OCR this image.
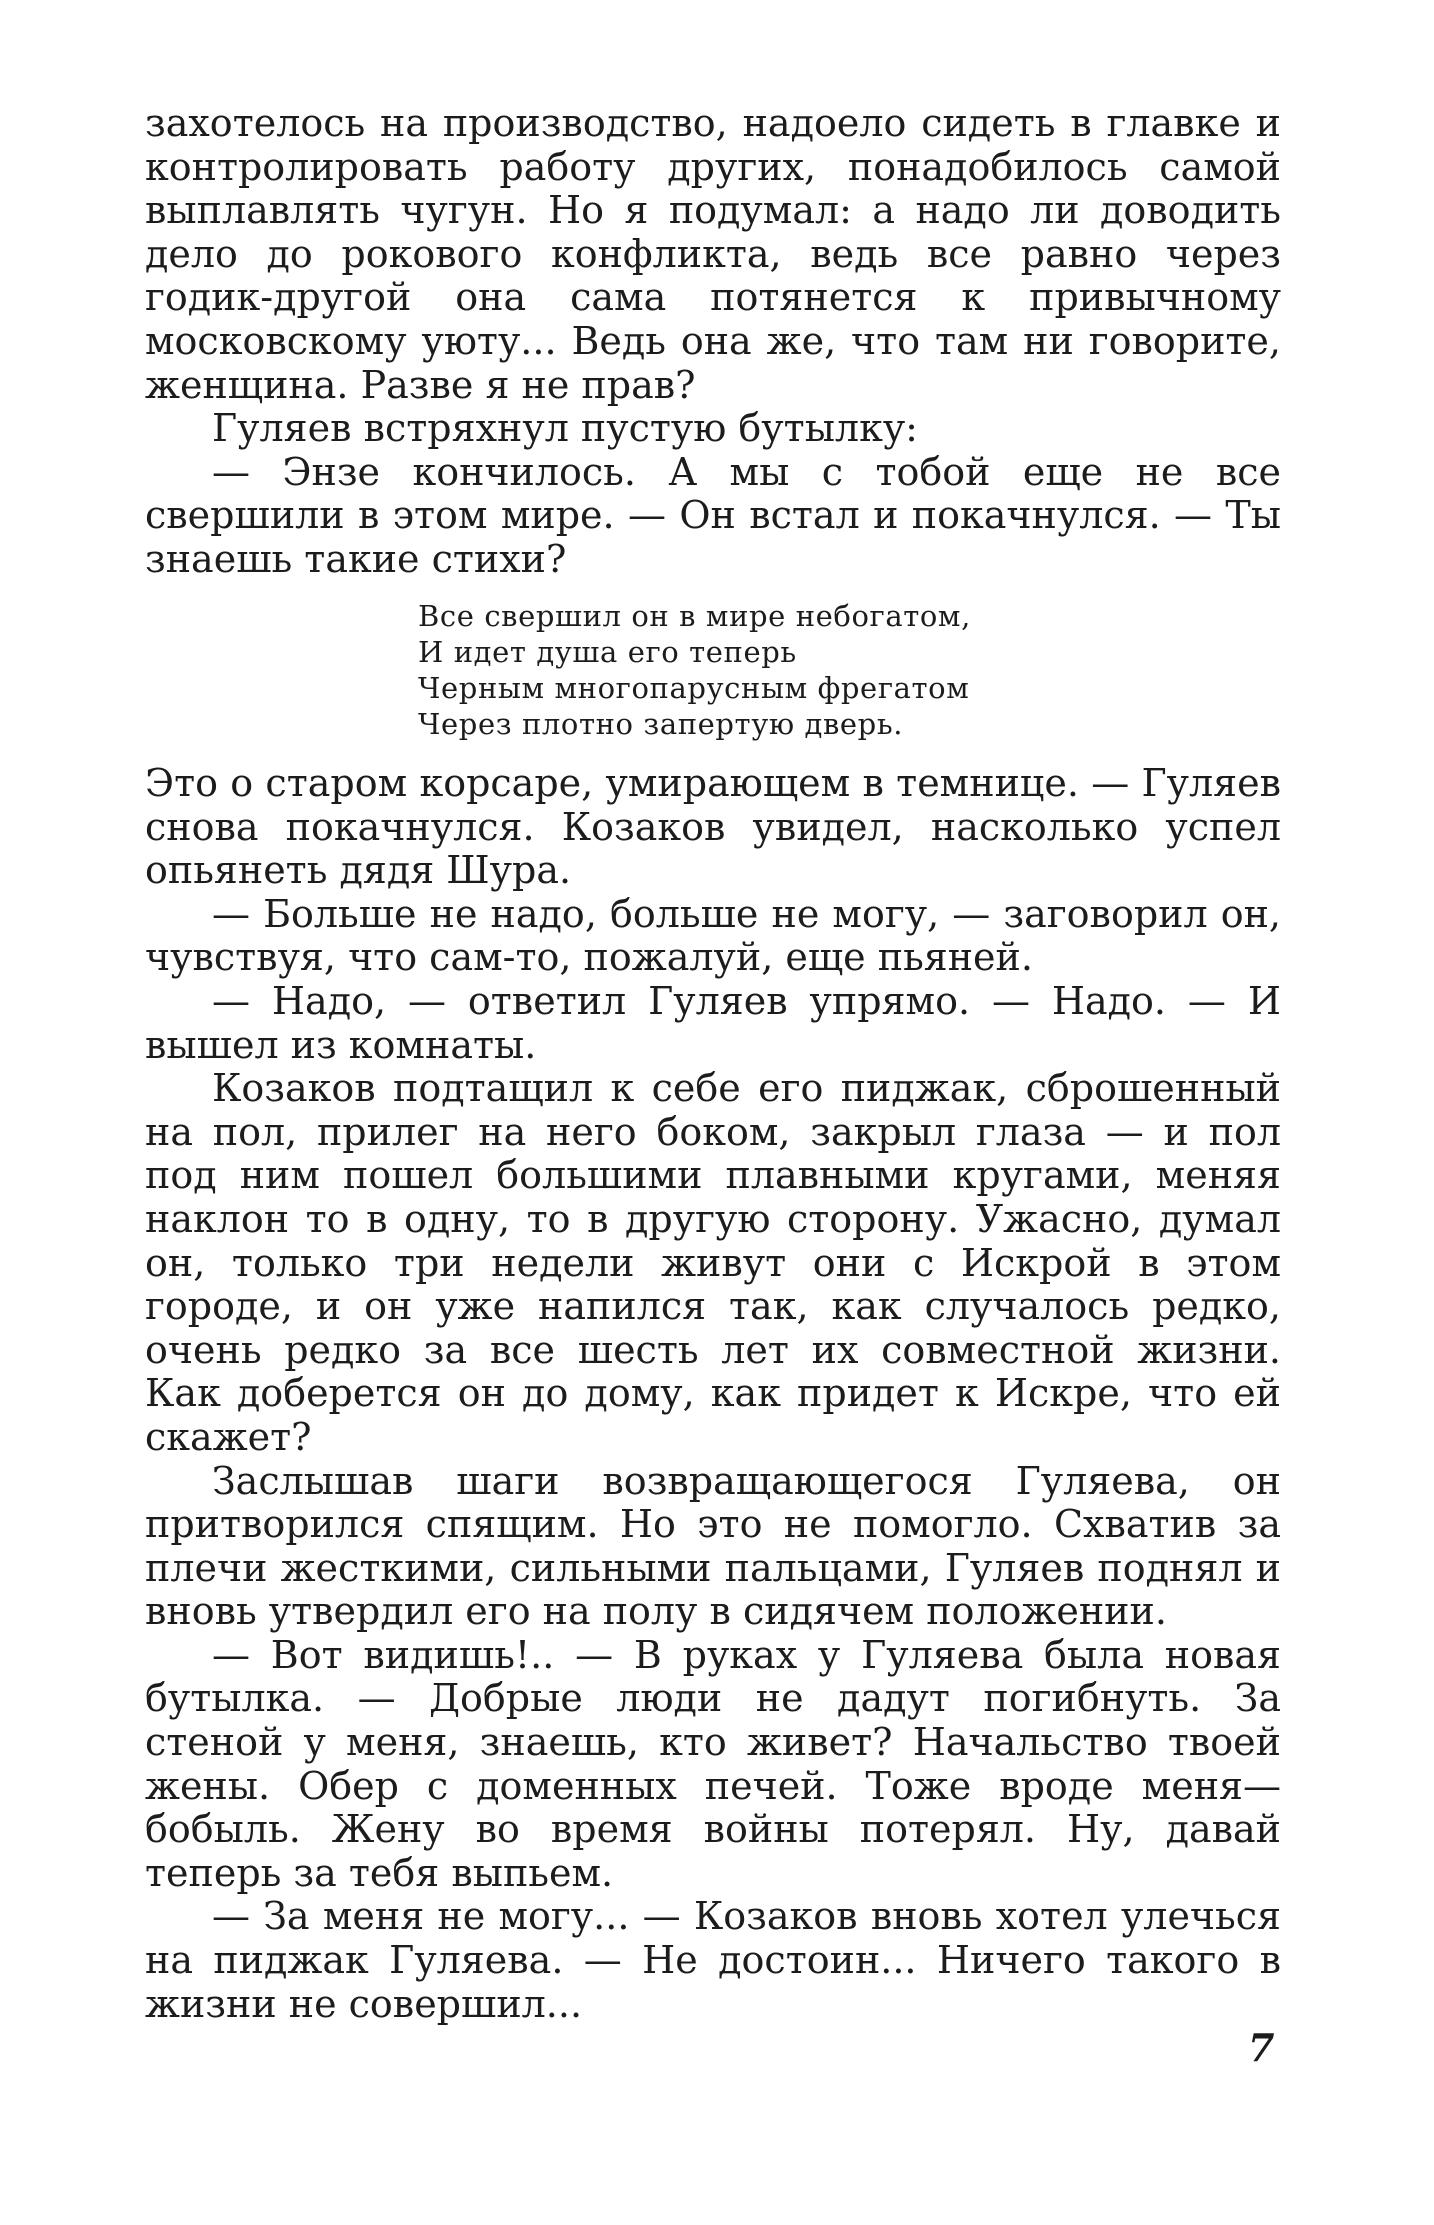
захотелось на производство, надоело сидеть в главке и контролировать работу других, понадобилось самой выплавлять чугун. Но я подумал: а надо ли доводить дело до рокового конфликта, ведь все равно через годик-другой она сама потянется к привычному московскому уюту... Ведь она же, что там ни говорите, женщина. Разве я не прав?

Гуляев встряхнул пустую бутылку:

— Энзе кончилось. А мы с тобой еще не все свершили в этом мире. — Он встал и покачнулся. — Ты знаешь такие стихи?

Все свершил он в мире небогатом,
И идет душа его теперь
Черным многопарусным фрегатом
Через плотно запертую дверь.

Это о старом корсаре, умирающем в темнице. — Гуляев снова покачнулся. Козаков увидел, насколько успел опьянеть дядя Шура.

— Больше не надо, больше не могу, — заговорил он, чувствуя, что сам-то, пожалуй, еще пьяней.

— Надо, — ответил Гуляев упрямо. — Надо. — И вышел из комнаты.

Козаков подтащил к себе его пиджак, сброшенный на пол, прилег на него боком, закрыл глаза — и пол под ним пошел большими плавными кругами, меняя наклон то в одну, то в другую сторону. Ужасно, думал он, только три недели живут они с Искрой в этом городе, и он уже напился так, как случалось редко, очень редко за все шесть лет их совместной жизни. Как доберется он до дому, как придет к Искре, что ей скажет?

Заслышав шаги возвращающегося Гуляева, он притворился спящим. Но это не помогло. Схватив за плечи жесткими, сильными пальцами, Гуляев поднял и вновь утвердил его на полу в сидячем положении.

— Вот видишь!.. — В руках у Гуляева была новая бутылка. — Добрые люди не дадут погибнуть. За стеной у меня, знаешь, кто живет? Начальство твоей жены. Обер с доменных печей. Тоже вроде меня—бобыль. Жену во время войны потерял. Ну, давай теперь за тебя выпьем.

— За меня не могу... — Козаков вновь хотел улечься на пиджак Гуляева. — Не достоин... Ничего такого в жизни не совершил...

7
